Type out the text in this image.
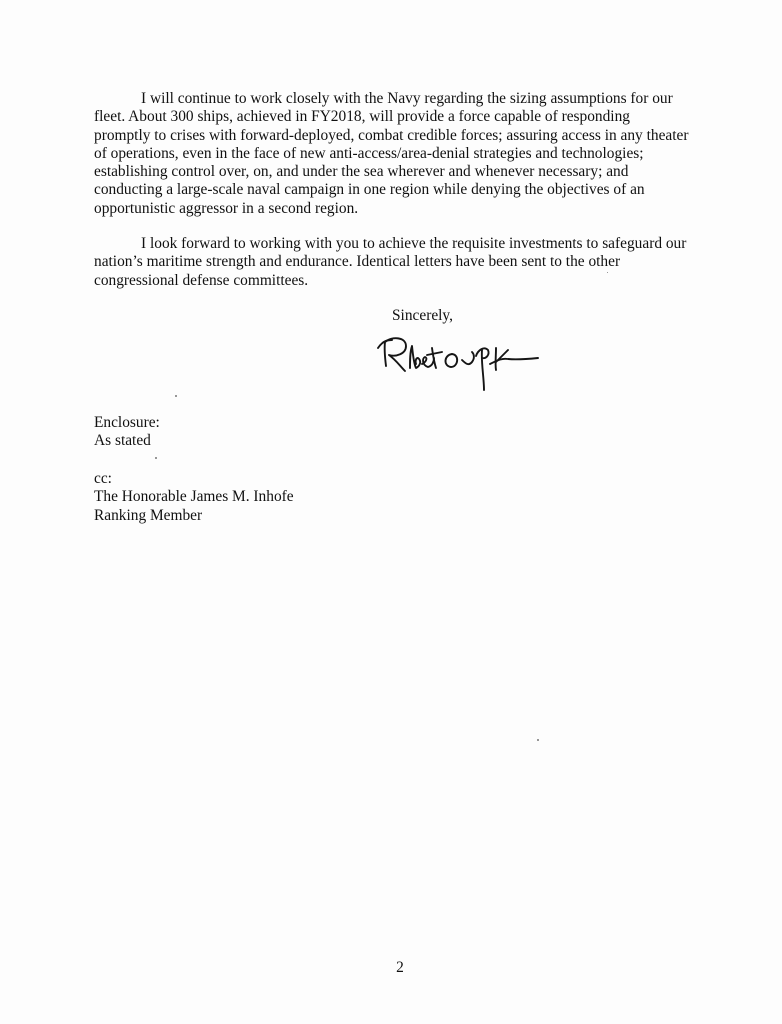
I will continue to work closely with the Navy regarding the sizing assumptions for our
fleet. About 300 ships, achieved in FY2018, will provide a force capable of responding
promptly to crises with forward-deployed, combat credible forces; assuring access in any theater
of operations, even in the face of new anti-access/area-denial strategies and technologies;
establishing control over, on, and under the sea wherever and whenever necessary; and
conducting a large-scale naval campaign in one region while denying the objectives of an
opportunistic aggressor in a second region.

I look forward to working with you to achieve the requisite investments to safeguard our
nation’s maritime strength and endurance. Identical letters have been sent to the other
congressional defense committees.

Sincerely,
Enclosure:
As stated
cc:
The Honorable James M. Inhofe
Ranking Member
2
